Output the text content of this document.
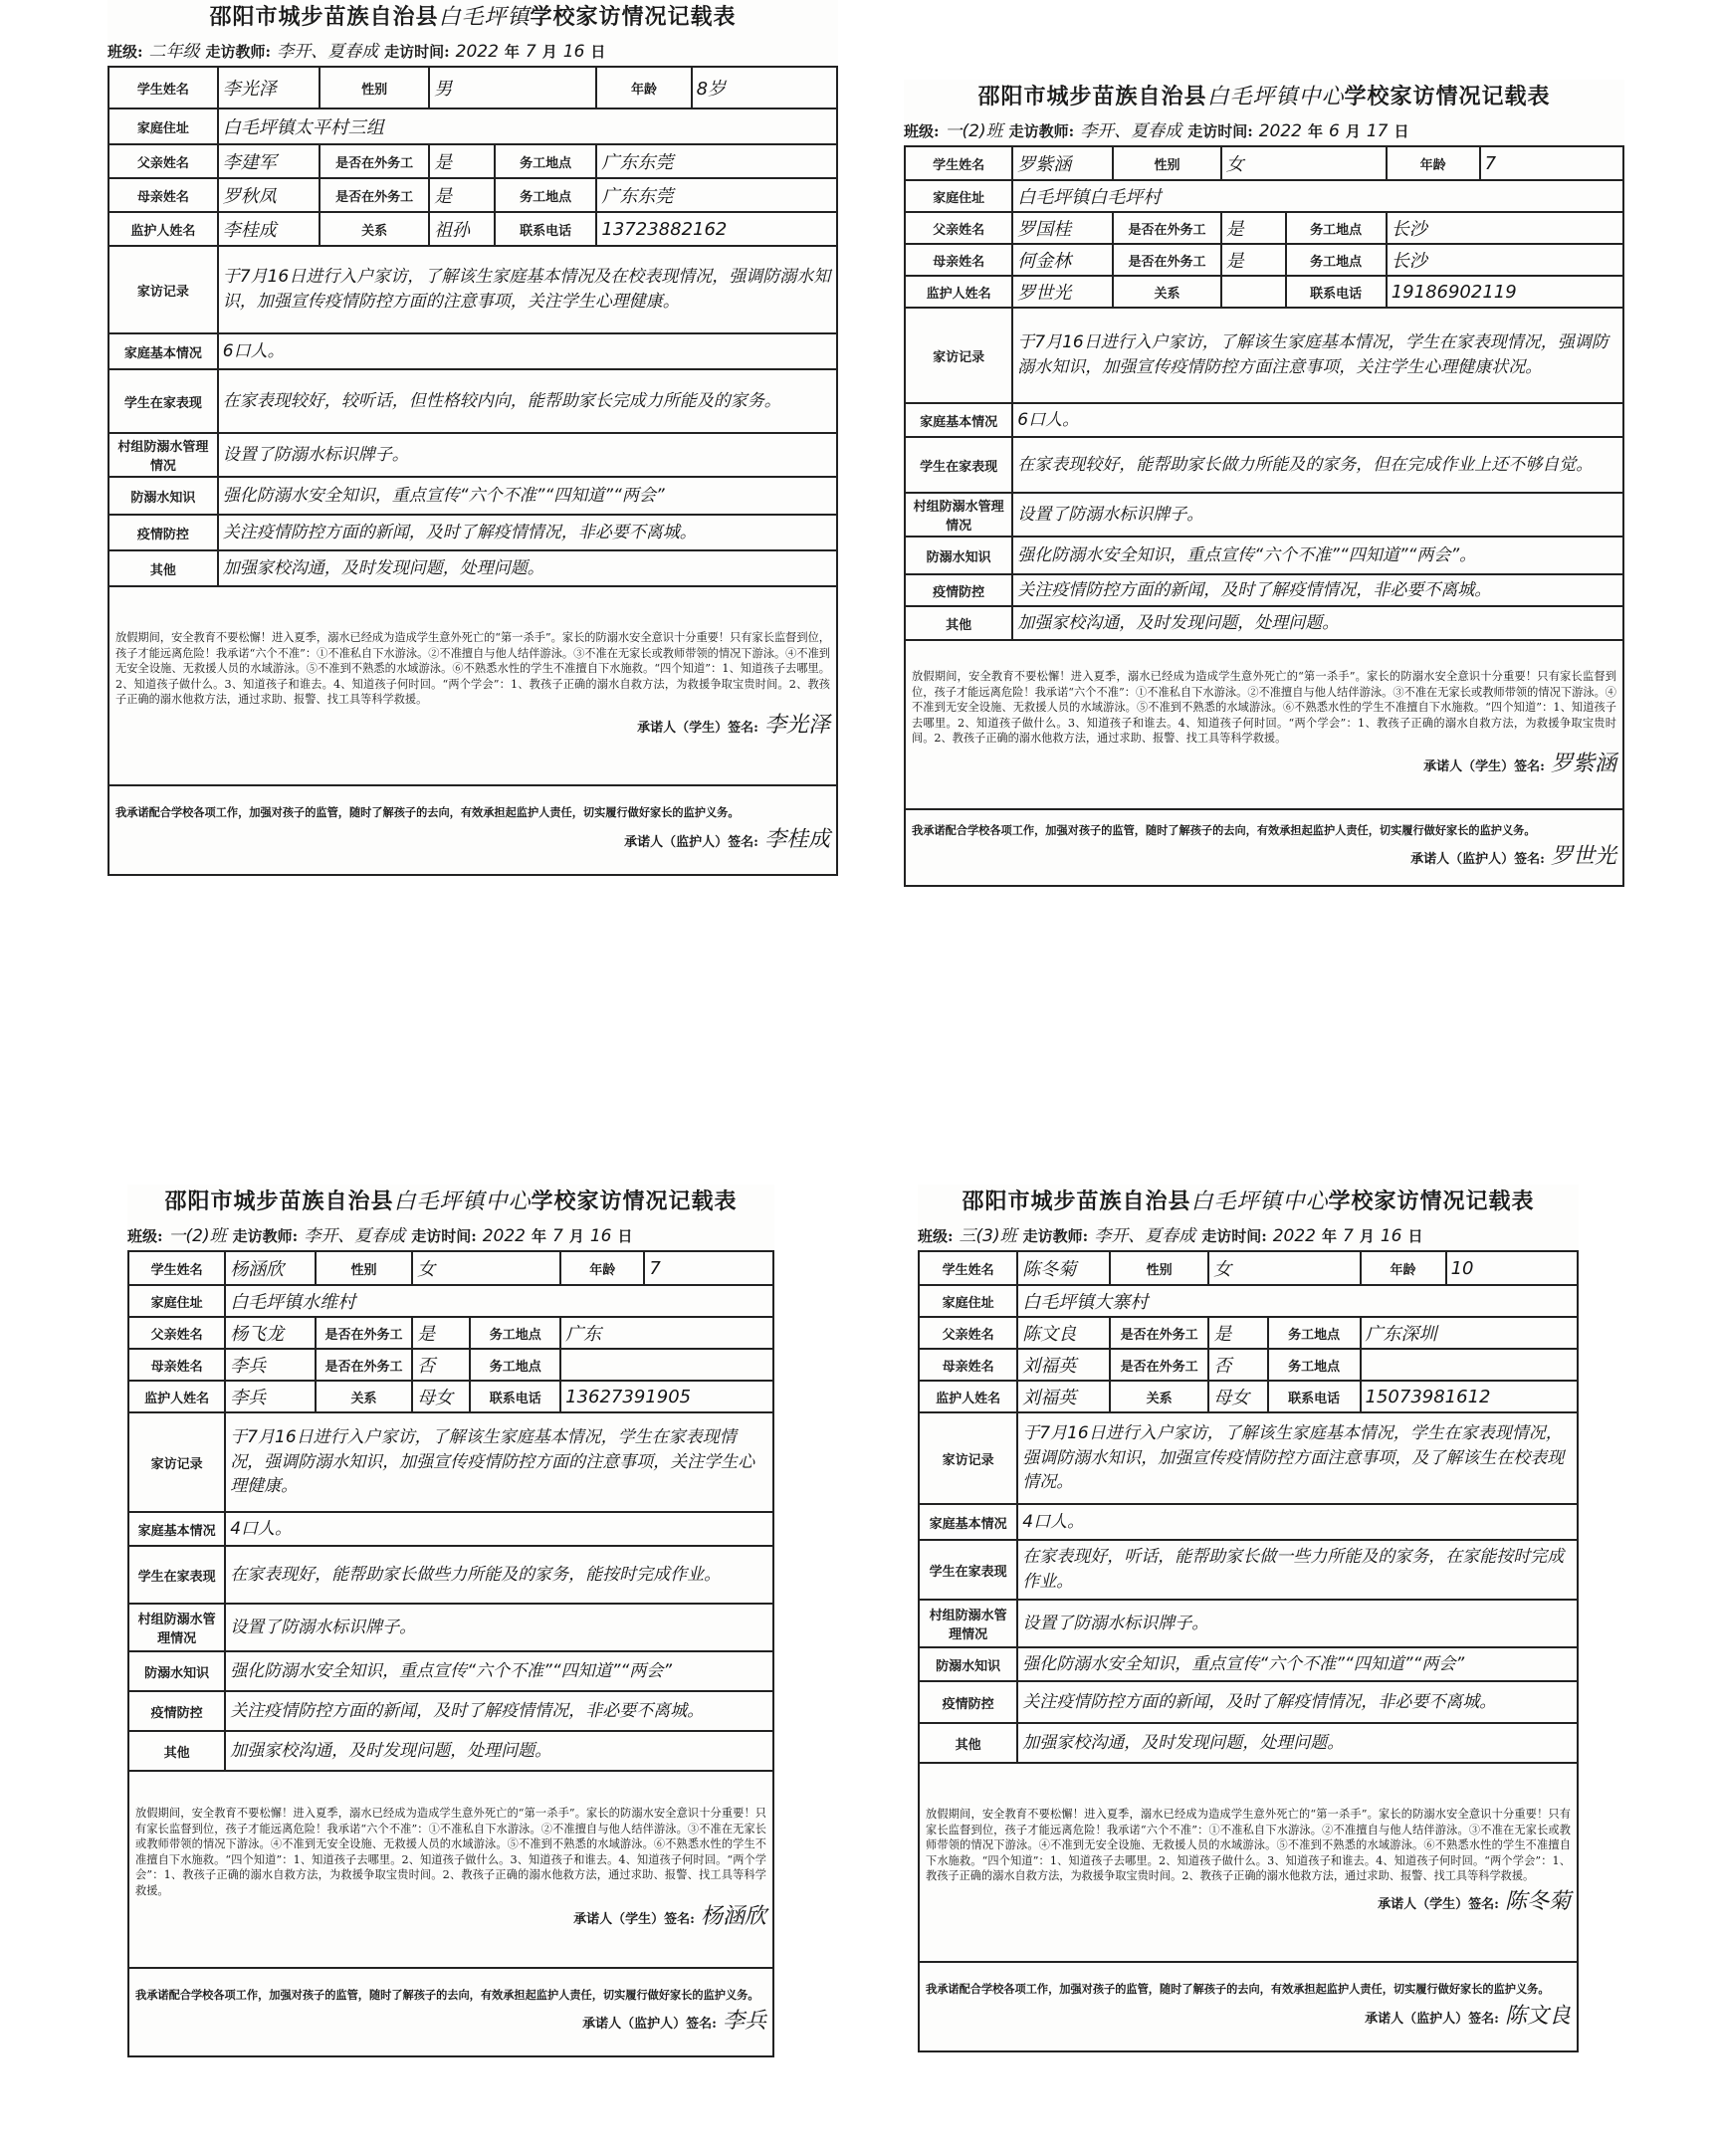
邵阳市城步苗族自治县白毛坪镇学校家访情况记载表
班级: 二年级 走访教师: 李开、夏春成 走访时间: 2022 年 7 月 16 日
学生姓名	李光泽	性别	男		年龄	8岁
家庭住址	白毛坪镇太平村三组					
父亲姓名	李建军	是否在外务工	是	务工地点	广东东莞	
母亲姓名	罗秋凤	是否在外务工	是	务工地点	广东东莞	
监护人姓名	李桂成	关系	祖孙	联系电话	13723882162	
家访记录	于7月16日进行入户家访，了解该生家庭基本情况及在校表现情况，强调防溺水知识，加强宣传疫情防控方面的注意事项，关注学生心理健康。					

家庭基本情况	6口人。					

学生在家表现	在家表现较好，较听话，但性格较内向，能帮助家长完成力所能及的家务。					

村组防溺水管理情况	设置了防溺水标识牌子。					

防溺水知识	强化防溺水安全知识，重点宣传“六个不准”“四知道”“两会”					

疫情防控	关注疫情防控方面的新闻，及时了解疫情情况，非必要不离城。					

其他	加强家校沟通，及时发现问题，处理问题。					

放假期间，安全教育不要松懈！进入夏季，溺水已经成为造成学生意外死亡的“第一杀手”。家长的防溺水安全意识十分重要！只有家长监督到位，孩子才能远离危险！我承诺“六个不准”：①不准私自下水游泳。②不准擅自与他人结伴游泳。③不准在无家长或教师带领的情况下游泳。④不准到无安全设施、无救援人员的水域游泳。⑤不准到不熟悉的水域游泳。⑥不熟悉水性的学生不准擅自下水施救。“四个知道”：1、知道孩子去哪里。2、知道孩子做什么。3、知道孩子和谁去。4、知道孩子何时回。“两个学会”：1、教孩子正确的溺水自救方法，为救援争取宝贵时间。2、教孩子正确的溺水他救方法，通过求助、报警、找工具等科学救援。
承诺人（学生）签名: 李光泽						

我承诺配合学校各项工作，加强对孩子的监管，随时了解孩子的去向，有效承担起监护人责任，切实履行做好家长的监护义务。
承诺人（监护人）签名: 李桂成						
邵阳市城步苗族自治县白毛坪镇中心学校家访情况记载表
班级: 一(2)班 走访教师: 李开、夏春成 走访时间: 2022 年 6 月 17 日
学生姓名	罗紫涵	性别	女		年龄	7
家庭住址	白毛坪镇白毛坪村					
父亲姓名	罗国桂	是否在外务工	是	务工地点	长沙	
母亲姓名	何金林	是否在外务工	是	务工地点	长沙	
监护人姓名	罗世光	关系		联系电话	19186902119	
家访记录	于7月16日进行入户家访，了解该生家庭基本情况，学生在家表现情况，强调防溺水知识，加强宣传疫情防控方面注意事项，关注学生心理健康状况。					

家庭基本情况	6口人。					

学生在家表现	在家表现较好，能帮助家长做力所能及的家务，但在完成作业上还不够自觉。					

村组防溺水管理情况	设置了防溺水标识牌子。					

防溺水知识	强化防溺水安全知识，重点宣传“六个不准”“四知道”“两会”。					

疫情防控	关注疫情防控方面的新闻，及时了解疫情情况，非必要不离城。					

其他	加强家校沟通，及时发现问题，处理问题。					

放假期间，安全教育不要松懈！进入夏季，溺水已经成为造成学生意外死亡的“第一杀手”。家长的防溺水安全意识十分重要！只有家长监督到位，孩子才能远离危险！我承诺“六个不准”：①不准私自下水游泳。②不准擅自与他人结伴游泳。③不准在无家长或教师带领的情况下游泳。④不准到无安全设施、无救援人员的水域游泳。⑤不准到不熟悉的水域游泳。⑥不熟悉水性的学生不准擅自下水施救。“四个知道”：1、知道孩子去哪里。2、知道孩子做什么。3、知道孩子和谁去。4、知道孩子何时回。“两个学会”：1、教孩子正确的溺水自救方法，为救援争取宝贵时间。2、教孩子正确的溺水他救方法，通过求助、报警、找工具等科学救援。
承诺人（学生）签名: 罗紫涵						

我承诺配合学校各项工作，加强对孩子的监管，随时了解孩子的去向，有效承担起监护人责任，切实履行做好家长的监护义务。
承诺人（监护人）签名: 罗世光						
邵阳市城步苗族自治县白毛坪镇中心学校家访情况记载表
班级: 一(2)班 走访教师: 李开、夏春成 走访时间: 2022 年 7 月 16 日
学生姓名	杨涵欣	性别	女		年龄	7
家庭住址	白毛坪镇水维村					
父亲姓名	杨飞龙	是否在外务工	是	务工地点	广东	
母亲姓名	李兵	是否在外务工	否	务工地点		
监护人姓名	李兵	关系	母女	联系电话	13627391905	
家访记录	于7月16日进行入户家访，了解该生家庭基本情况，学生在家表现情况，强调防溺水知识，加强宣传疫情防控方面的注意事项，关注学生心理健康。					

家庭基本情况	4口人。					

学生在家表现	在家表现好，能帮助家长做些力所能及的家务，能按时完成作业。					

村组防溺水管理情况	设置了防溺水标识牌子。					

防溺水知识	强化防溺水安全知识，重点宣传“六个不准”“四知道”“两会”					

疫情防控	关注疫情防控方面的新闻，及时了解疫情情况，非必要不离城。					

其他	加强家校沟通，及时发现问题，处理问题。					

放假期间，安全教育不要松懈！进入夏季，溺水已经成为造成学生意外死亡的“第一杀手”。家长的防溺水安全意识十分重要！只有家长监督到位，孩子才能远离危险！我承诺“六个不准”：①不准私自下水游泳。②不准擅自与他人结伴游泳。③不准在无家长或教师带领的情况下游泳。④不准到无安全设施、无救援人员的水域游泳。⑤不准到不熟悉的水域游泳。⑥不熟悉水性的学生不准擅自下水施救。“四个知道”：1、知道孩子去哪里。2、知道孩子做什么。3、知道孩子和谁去。4、知道孩子何时回。“两个学会”：1、教孩子正确的溺水自救方法，为救援争取宝贵时间。2、教孩子正确的溺水他救方法，通过求助、报警、找工具等科学救援。
承诺人（学生）签名: 杨涵欣						

我承诺配合学校各项工作，加强对孩子的监管，随时了解孩子的去向，有效承担起监护人责任，切实履行做好家长的监护义务。
承诺人（监护人）签名: 李兵						
邵阳市城步苗族自治县白毛坪镇中心学校家访情况记载表
班级: 三(3)班 走访教师: 李开、夏春成 走访时间: 2022 年 7 月 16 日
学生姓名	陈冬菊	性别	女		年龄	10
家庭住址	白毛坪镇大寨村					
父亲姓名	陈文良	是否在外务工	是	务工地点	广东深圳	
母亲姓名	刘福英	是否在外务工	否	务工地点		
监护人姓名	刘福英	关系	母女	联系电话	15073981612	
家访记录	于7月16日进行入户家访，了解该生家庭基本情况，学生在家表现情况，强调防溺水知识，加强宣传疫情防控方面注意事项，及了解该生在校表现情况。					

家庭基本情况	4口人。					

学生在家表现	在家表现好，听话，能帮助家长做一些力所能及的家务，在家能按时完成作业。					

村组防溺水管理情况	设置了防溺水标识牌子。					

防溺水知识	强化防溺水安全知识，重点宣传“六个不准”“四知道”“两会”					

疫情防控	关注疫情防控方面的新闻，及时了解疫情情况，非必要不离城。					

其他	加强家校沟通，及时发现问题，处理问题。					

放假期间，安全教育不要松懈！进入夏季，溺水已经成为造成学生意外死亡的“第一杀手”。家长的防溺水安全意识十分重要！只有家长监督到位，孩子才能远离危险！我承诺“六个不准”：①不准私自下水游泳。②不准擅自与他人结伴游泳。③不准在无家长或教师带领的情况下游泳。④不准到无安全设施、无救援人员的水域游泳。⑤不准到不熟悉的水域游泳。⑥不熟悉水性的学生不准擅自下水施救。“四个知道”：1、知道孩子去哪里。2、知道孩子做什么。3、知道孩子和谁去。4、知道孩子何时回。“两个学会”：1、教孩子正确的溺水自救方法，为救援争取宝贵时间。2、教孩子正确的溺水他救方法，通过求助、报警、找工具等科学救援。
承诺人（学生）签名: 陈冬菊						

我承诺配合学校各项工作，加强对孩子的监管，随时了解孩子的去向，有效承担起监护人责任，切实履行做好家长的监护义务。
承诺人（监护人）签名: 陈文良						
